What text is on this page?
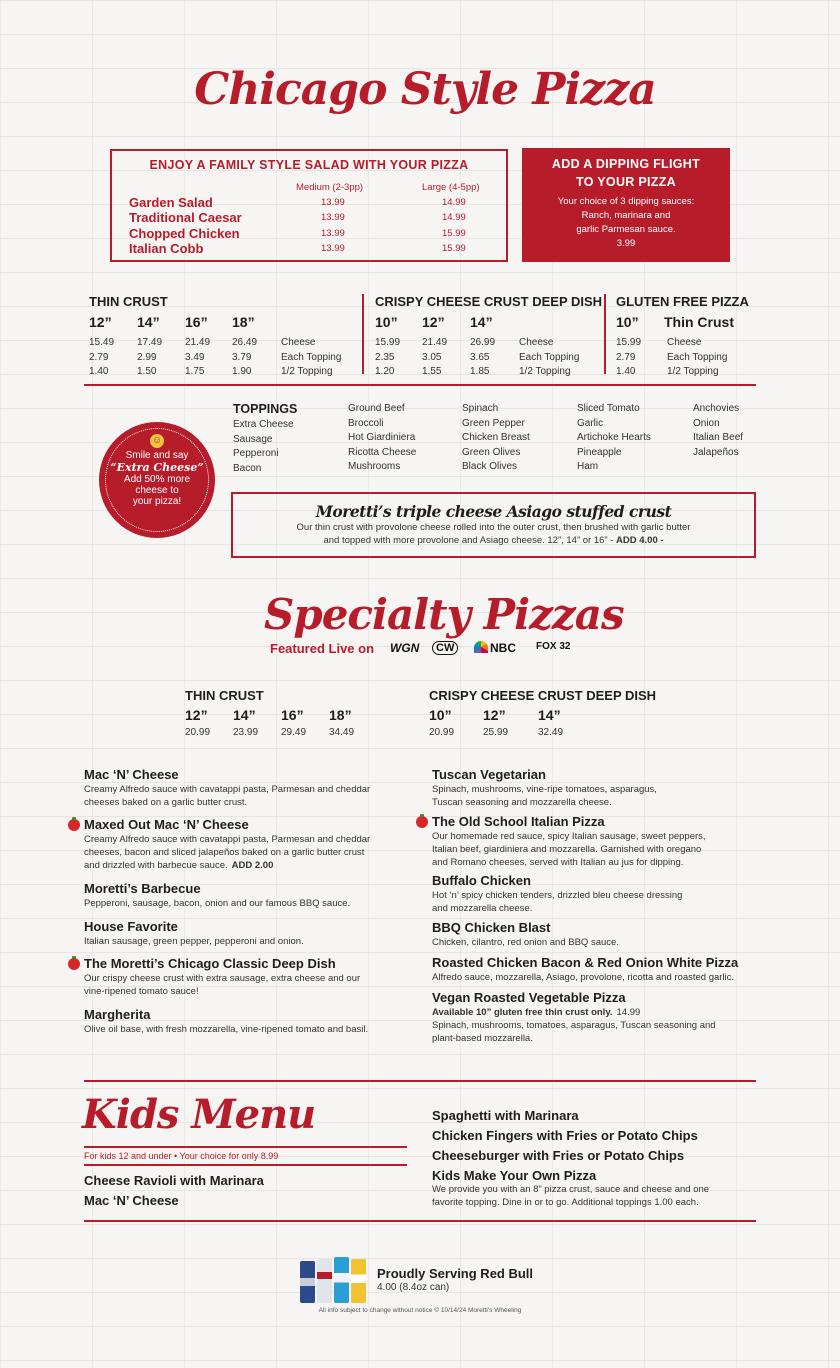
Chicago Style Pizza
ENJOY A FAMILY STYLE SALAD WITH YOUR PIZZA
Medium (2-3pp)	Large (4-5pp)
Garden Salad	13.99	14.99
Traditional Caesar	13.99	14.99
Chopped Chicken	13.99	15.99
Italian Cobb	13.99	15.99
ADD A DIPPING FLIGHT
TO YOUR PIZZA
Your choice of 3 dipping sauces:
Ranch, marinara and
garlic Parmesan sauce.
3.99
THIN CRUST
12” 14” 16” 18”
15.49 17.49 21.49 26.49 Cheese
2.79	2.99	3.49	3.79	Each Topping
1.40	1.50	1.75	1.90	1/2 Topping
CRISPY CHEESE CRUST DEEP DISH
10” 12” 14”
15.99 21.49 26.99 Cheese
2.35	3.05	3.65	Each Topping
1.20	1.55	1.85	1/2 Topping
GLUTEN FREE PIZZA
10” Thin Crust
15.99	Cheese
2.79	Each Topping
1.40	1/2 Topping
TOPPINGS
Extra Cheese
Sausage
Pepperoni
Bacon
Ground Beef
Broccoli
Hot Giardiniera
Ricotta Cheese
Mushrooms
Spinach
Green Pepper
Chicken Breast
Green Olives
Black Olives
Sliced Tomato
Garlic
Artichoke Hearts
Pineapple
Ham
Anchovies
Onion
Italian Beef
Jalapeños
☺
Smile and say
“Extra Cheese”
Add 50% more
cheese to
your pizza!
Moretti’s triple cheese Asiago stuffed crust
Our thin crust with provolone cheese rolled into the outer crust, then brushed with garlic butter
and topped with more provolone and Asiago cheese. 12”, 14” or 16” - ADD 4.00 -
Specialty Pizzas
Featured Live on WGN	CW	NBC FOX 32
THIN CRUST	CRISPY CHEESE CRUST DEEP DISH
12” 14” 16” 18”
20.99 23.99 29.49 34.49
10” 12” 14”
20.99	25.99	32.49
Mac ‘N’ Cheese
Creamy Alfredo sauce with cavatappi pasta, Parmesan and cheddar
cheeses baked on a garlic butter crust.
Maxed Out Mac ‘N’ Cheese
Creamy Alfredo sauce with cavatappi pasta, Parmesan and cheddar
cheeses, bacon and sliced jalapeños baked on a garlic butter crust
and drizzled with barbecue sauce. ADD 2.00
Moretti’s Barbecue
Pepperoni, sausage, bacon, onion and our famous BBQ sauce.
House Favorite
Italian sausage, green pepper, pepperoni and onion.
The Moretti’s Chicago Classic Deep Dish
Our crispy cheese crust with extra sausage, extra cheese and our
vine-ripened tomato sauce!
Margherita
Olive oil base, with fresh mozzarella, vine-ripened tomato and basil.
Tuscan Vegetarian
Spinach, mushrooms, vine-ripe tomatoes, asparagus,
Tuscan seasoning and mozzarella cheese.
The Old School Italian Pizza
Our homemade red sauce, spicy Italian sausage, sweet peppers,
Italian beef, giardiniera and mozzarella. Garnished with oregano
and Romano cheeses, served with Italian au jus for dipping.
Buffalo Chicken
Hot ‘n’ spicy chicken tenders, drizzled bleu cheese dressing
and mozzarella cheese.
BBQ Chicken Blast
Chicken, cilantro, red onion and BBQ sauce.
Roasted Chicken Bacon & Red Onion White Pizza
Alfredo sauce, mozzarella, Asiago, provolone, ricotta and roasted garlic.
Vegan Roasted Vegetable Pizza
Available 10” gluten free thin crust only. 14.99
Spinach, mushrooms, tomatoes, asparagus, Tuscan seasoning and
plant-based mozzarella.
Kids Menu
For kids 12 and under • Your choice for only 8.99
Cheese Ravioli with Marinara
Mac ‘N’ Cheese
Spaghetti with Marinara
Chicken Fingers with Fries or Potato Chips
Cheeseburger with Fries or Potato Chips
Kids Make Your Own Pizza
We provide you with an 8” pizza crust, sauce and cheese and one
favorite topping. Dine in or to go. Additional toppings 1.00 each.
Proudly Serving Red Bull
4.00 (8.4oz can)
All info subject to change without notice © 10/14/24 Moretti’s Wheeling
